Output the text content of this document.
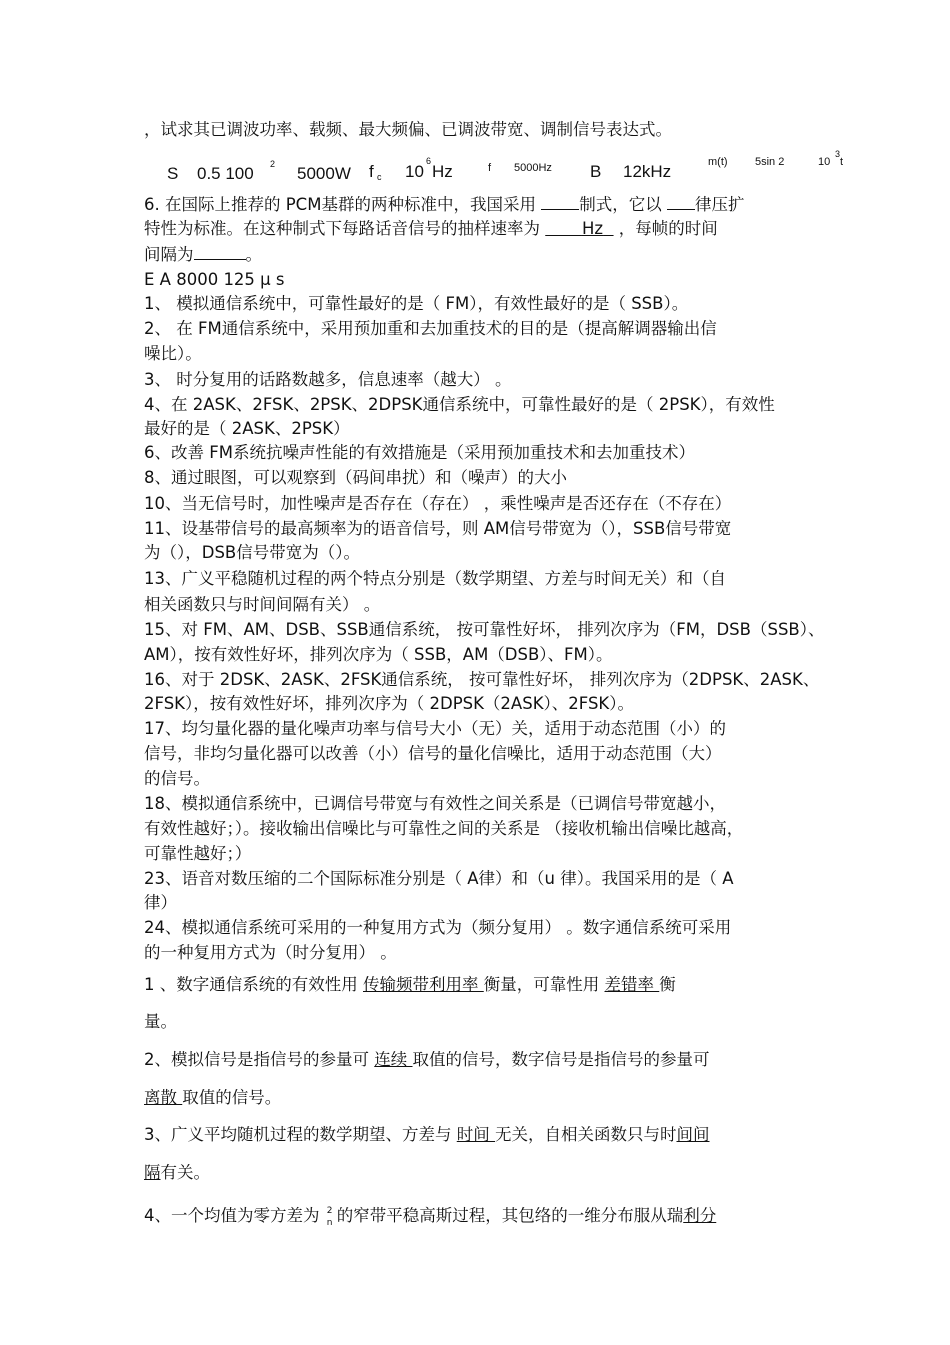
，试求其已调波功率、载频、最大频偏、已调波带宽、调制信号表达式。
S 0.5 100 2 5000W f c 10
6
Hz	f 5000Hz B 12kHz	m(t) 5sin 2	10
3
t
6. 在国际上推荐的 PCM基群的两种标准中，我国采用 制式，它以 律压扩
特性为标准。在这种制式下每路话音信号的抽样速率为        Hz   ，每帧的时间
间隔为	。
E A 8000 125 μ s
1、 模拟通信系统中，可靠性最好的是（ FM），有效性最好的是（ SSB）。
2、 在 FM通信系统中，采用预加重和去加重技术的目的是（提高解调器输出信
噪比）。
3、 时分复用的话路数越多，信息速率（越大） 。
4、在 2ASK、2FSK、2PSK、2DPSK通信系统中，可靠性最好的是（ 2PSK），有效性
最好的是（ 2ASK、2PSK）
6、改善 FM系统抗噪声性能的有效措施是（采用预加重技术和去加重技术）
8、通过眼图，可以观察到（码间串扰）和（噪声）的大小
10、当无信号时，加性噪声是否存在（存在） ，乘性噪声是否还存在（不存在）
11、设基带信号的最高频率为的语音信号，则 AM信号带宽为（），SSB信号带宽
为（），DSB信号带宽为（）。
13、广义平稳随机过程的两个特点分别是（数学期望、方差与时间无关）和（自
相关函数只与时间间隔有关） 。
15、对 FM、AM、DSB、SSB通信系统， 按可靠性好坏， 排列次序为（FM，DSB（SSB）、
AM），按有效性好坏，排列次序为（ SSB，AM（DSB）、FM）。
16、对于 2DSK、2ASK、2FSK通信系统， 按可靠性好坏， 排列次序为（2DPSK、2ASK、
2FSK），按有效性好坏，排列次序为（ 2DPSK（2ASK）、2FSK）。
17、均匀量化器的量化噪声功率与信号大小（无）关，适用于动态范围（小）的
信号，非均匀量化器可以改善（小）信号的量化信噪比，适用于动态范围（大）
的信号。
18、模拟通信系统中，已调信号带宽与有效性之间关系是（已调信号带宽越小，
有效性越好；）。接收输出信噪比与可靠性之间的关系是 （接收机输出信噪比越高，
可靠性越好；）
23、语音对数压缩的二个国际标准分别是（ A律）和（u 律）。我国采用的是（ A
律）
24、模拟通信系统可采用的一种复用方式为（频分复用） 。数字通信系统可采用
的一种复用方式为（时分复用） 。
1 、数字通信系统的有效性用 传输频带利用率 衡量，可靠性用 差错率 衡
量。
2、模拟信号是指信号的参量可 连续 取值的信号，数字信号是指信号的参量可
离散 取值的信号。
3、广义平均随机过程的数学期望、方差与 时间 无关，自相关函数只与时间间
隔有关。
4、一个均值为零方差为 2
n 的窄带平稳高斯过程，其包络的一维分布服从瑞利分
